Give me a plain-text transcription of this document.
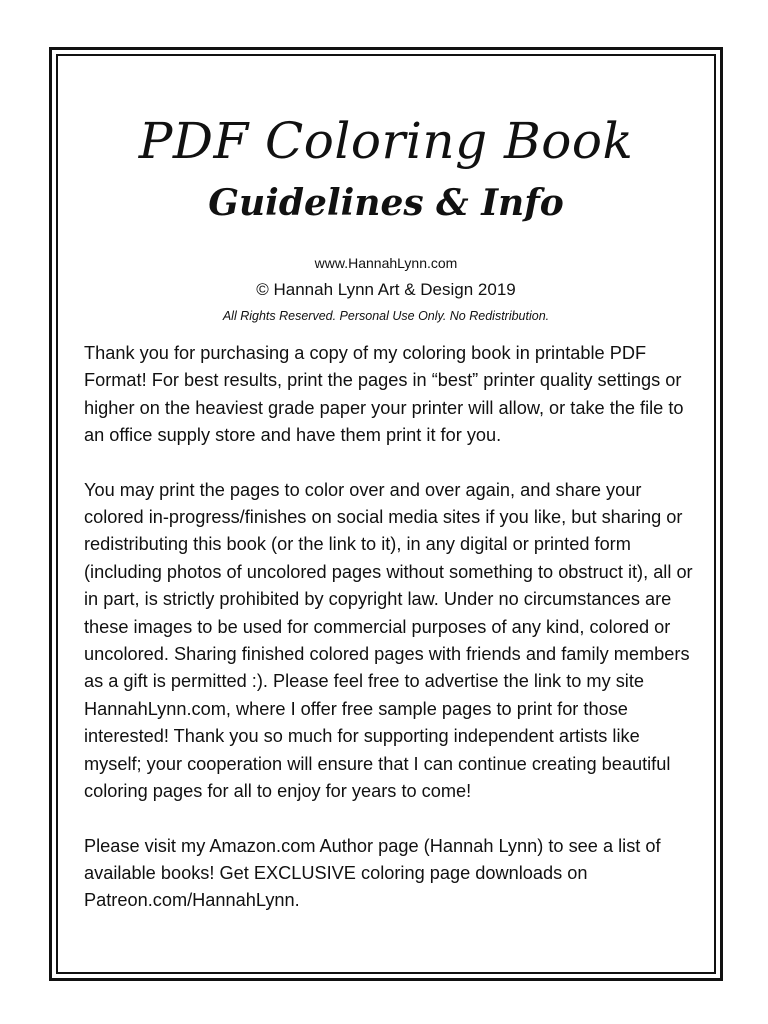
PDF Coloring Book
Guidelines & Info

www.HannahLynn.com

© Hannah Lynn Art & Design 2019

All Rights Reserved. Personal Use Only. No Redistribution.

Thank you for purchasing a copy of my coloring book in printable PDF Format! For best results, print the pages in “best” printer quality settings or higher on the heaviest grade paper your printer will allow, or take the file to an office supply store and have them print it for you.

You may print the pages to color over and over again, and share your colored in-progress/finishes on social media sites if you like, but sharing or redistributing this book (or the link to it), in any digital or printed form (including photos of uncolored pages without something to obstruct it), all or in part, is strictly prohibited by copyright law. Under no circumstances are these images to be used for commercial purposes of any kind, colored or uncolored. Sharing finished colored pages with friends and family members as a gift is permitted :). Please feel free to advertise the link to my site HannahLynn.com, where I offer free sample pages to print for those interested! Thank you so much for supporting independent artists like myself; your cooperation will ensure that I can continue creating beautiful coloring pages for all to enjoy for years to come!

Please visit my Amazon.com Author page (Hannah Lynn) to see a list of available books! Get EXCLUSIVE coloring page downloads on Patreon.com/HannahLynn.
